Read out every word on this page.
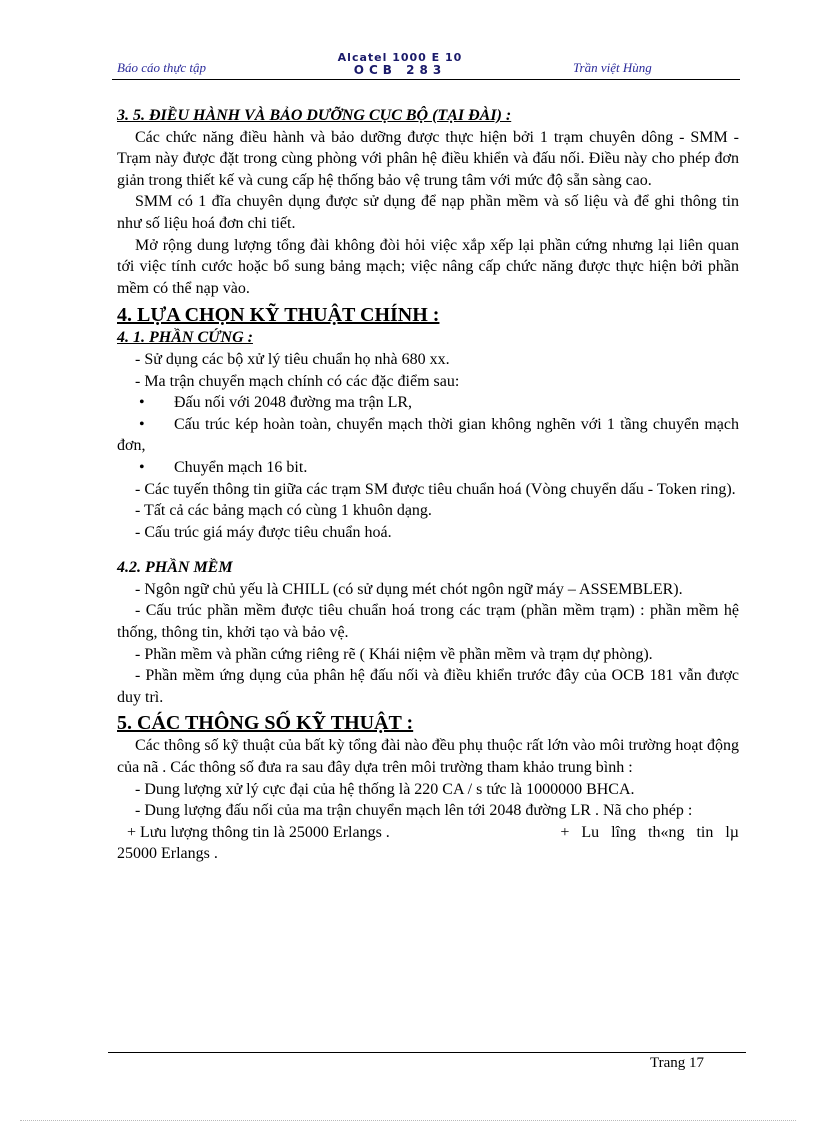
Báo cáo thực tập
Alcatel 1000 E 10
OCB 283	Trần việt Hùng

3. 5. ĐIỀU HÀNH VÀ BẢO DƯỠNG CỤC BỘ (TẠI ĐÀI) :

Các chức năng điều hành và bảo dưỡng được thực hiện bởi 1 trạm chuyên dông - SMM - Trạm này được đặt trong cùng phòng với phân hệ điều khiển và đấu nối. Điều này cho phép đơn giản trong thiết kế và cung cấp hệ thống bảo vệ trung tâm với mức độ sẵn sàng cao.

SMM có 1 đĩa chuyên dụng được sử dụng để nạp phần mềm và số liệu và để ghi thông tin như số liệu hoá đơn chi tiết.

Mở rộng dung lượng tổng đài không đòi hỏi việc xắp xếp lại phần cứng nhưng lại liên quan tới việc tính cước hoặc bổ sung bảng mạch; việc nâng cấp chức năng được thực hiện bởi phần mềm có thể nạp vào.

4. LỰA CHỌN KỸ THUẬT CHÍNH :

4. 1. PHẦN CỨNG :

- Sử dụng các bộ xử lý tiêu chuẩn họ nhà 680 xx.

- Ma trận chuyển mạch chính có các đặc điểm sau:

• Đấu nối với 2048 đường ma trận LR,

• Cấu trúc kép hoàn toàn, chuyển mạch thời gian không nghẽn với 1 tầng chuyển mạch đơn,

• Chuyển mạch 16 bit.

- Các tuyến thông tin giữa các trạm SM được tiêu chuẩn hoá (Vòng chuyển dấu - Token ring).

- Tất cả các bảng mạch có cùng 1 khuôn dạng.

- Cấu trúc giá máy được tiêu chuẩn hoá.

4.2. PHẦN MỀM

- Ngôn ngữ chủ yếu là CHILL (có sử dụng mét chót ngôn ngữ máy – ASSEMBLER).

- Cấu trúc phần mềm được tiêu chuẩn hoá trong các trạm (phần mềm trạm) : phần mềm hệ thống, thông tin, khởi tạo và bảo vệ.

- Phần mềm và phần cứng riêng rẽ ( Khái niệm về phần mềm và trạm dự phòng).

- Phần mềm ứng dụng của phân hệ đấu nối và điều khiển trước đây của OCB 181 vẫn được duy trì.

5. CÁC THÔNG SỐ KỸ THUẬT :

Các thông số kỹ thuật của bất kỳ tổng đài nào đều phụ thuộc rất lớn vào môi trường hoạt động của nã . Các thông số đưa ra sau đây dựa trên môi trường tham khảo trung bình :

- Dung lượng xử lý cực đại của hệ thống là 220 CA / s tức là 1000000 BHCA.

- Dung lượng đấu nối của ma trận chuyển mạch lên tới 2048 đường LR . Nã cho phép :

+ Lưu lượng thông tin là 25000 Erlangs .	+ Lu lîng th«ng tin lµ

25000 Erlangs .

Trang 17
